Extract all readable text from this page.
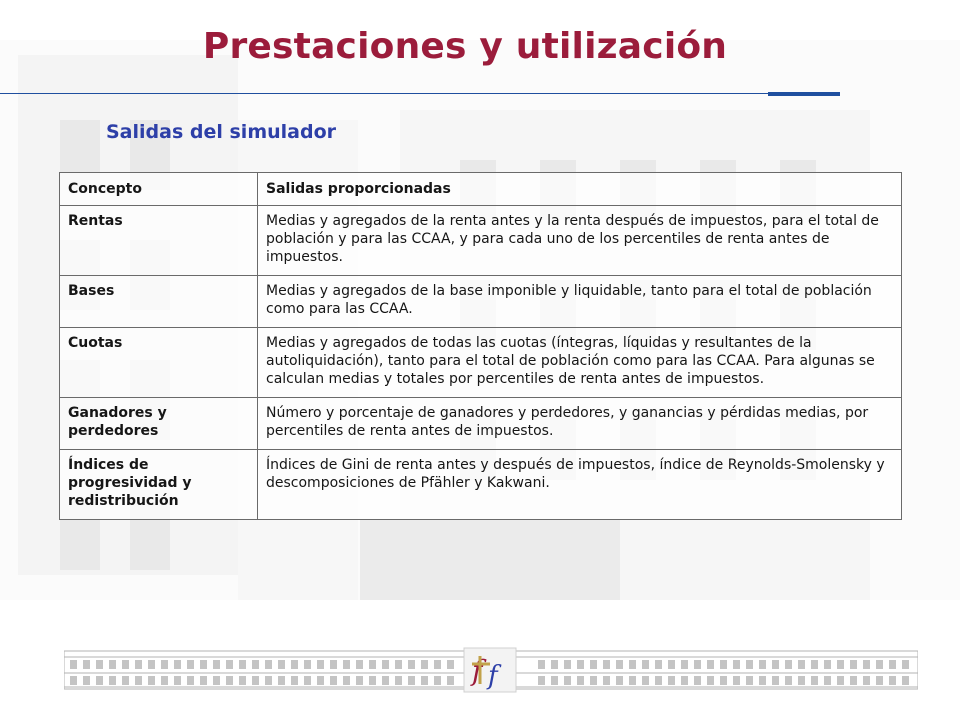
Prestaciones y utilización
Salidas del simulador
Concepto	Salidas proporcionadas
Rentas	Medias y agregados de la renta antes y la renta después de impuestos, para el total de población y para las CCAA, y para cada uno de los percentiles de renta antes de impuestos.
Bases	Medias y agregados de la base imponible y liquidable, tanto para el total de población como para las CCAA.
Cuotas	Medias y agregados de todas las cuotas (íntegras, líquidas y resultantes de la autoliquidación), tanto para el total de población como para las CCAA. Para algunas se calculan medias y totales por percentiles de renta antes de impuestos.
Ganadores y perdedores	Número y porcentaje de ganadores y perdedores, y ganancias y pérdidas medias, por percentiles de renta antes de impuestos.
Índices de progresividad y redistribución	Índices de Gini de renta antes y después de impuestos, índice de Reynolds-Smolensky y descomposiciones de Pfähler y Kakwani.
f f
